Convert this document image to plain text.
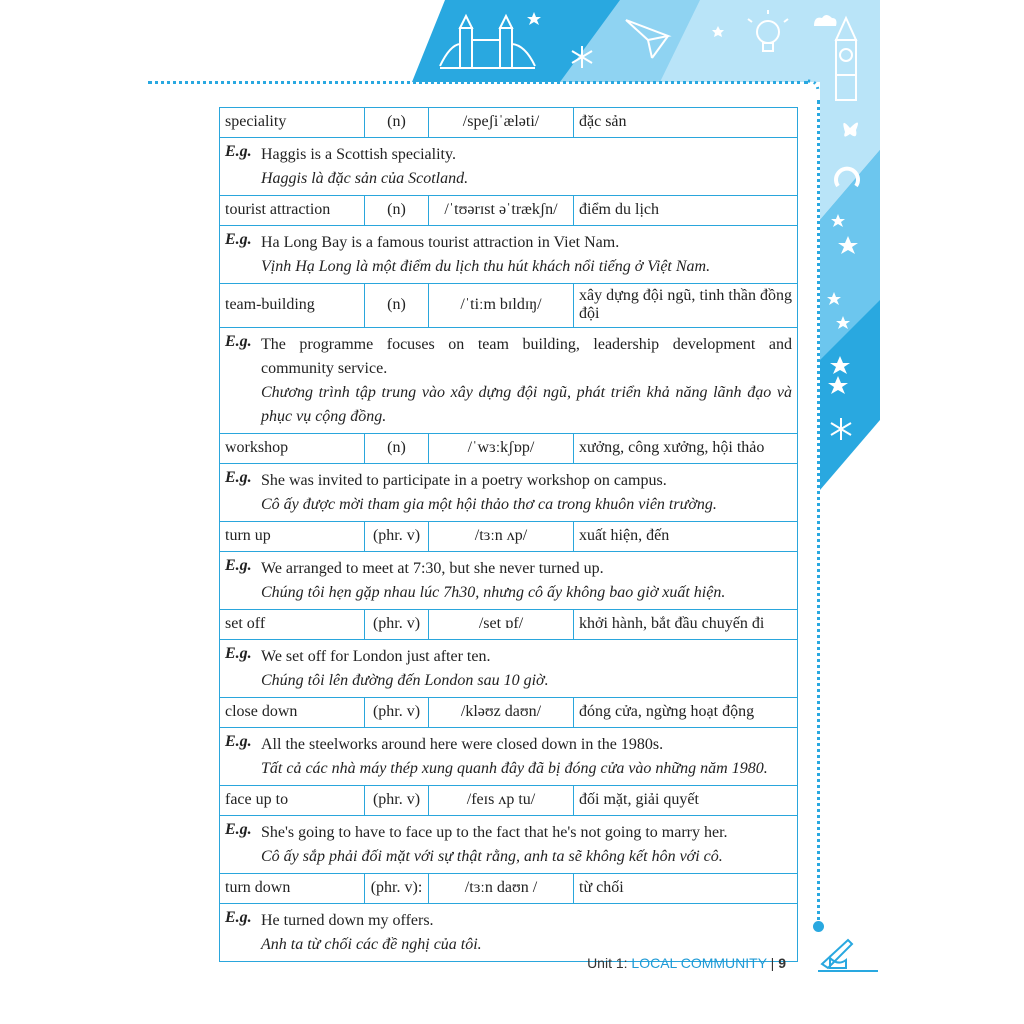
speciality	(n)	/speʃiˈæləti/	đặc sản

E.g. Haggis is a Scottish speciality.
Haggis là đặc sản của Scotland.			

tourist attraction	(n)	/ˈtʊərɪst əˈtrækʃn/	điểm du lịch

E.g. Ha Long Bay is a famous tourist attraction in Viet Nam.
Vịnh Hạ Long là một điểm du lịch thu hút khách nổi tiếng ở Việt Nam.			

team-building	(n)	/ˈtiːm bɪldɪŋ/	xây dựng đội ngũ, tinh thần đồng đội

E.g. The programme focuses on team building, leadership development and community service.
Chương trình tập trung vào xây dựng đội ngũ, phát triển khả năng lãnh đạo và phục vụ cộng đồng.			

workshop	(n)	/ˈwɜːkʃɒp/	xưởng, công xưởng, hội thảo

E.g. She was invited to participate in a poetry workshop on campus.
Cô ấy được mời tham gia một hội thảo thơ ca trong khuôn viên trường.			

turn up	(phr. v)	/tɜːn ʌp/	xuất hiện, đến

E.g. We arranged to meet at 7:30, but she never turned up.
Chúng tôi hẹn gặp nhau lúc 7h30, nhưng cô ấy không bao giờ xuất hiện.			

set off	(phr. v)	/set ɒf/	khởi hành, bắt đầu chuyến đi

E.g. We set off for London just after ten.
Chúng tôi lên đường đến London sau 10 giờ.			

close down	(phr. v)	/kləʊz daʊn/	đóng cửa, ngừng hoạt động

E.g. All the steelworks around here were closed down in the 1980s.
Tất cả các nhà máy thép xung quanh đây đã bị đóng cửa vào những năm 1980.			

face up to	(phr. v)	/feɪs ʌp tu/	đối mặt, giải quyết

E.g. She's going to have to face up to the fact that he's not going to marry her.
Cô ấy sắp phải đối mặt với sự thật rằng, anh ta sẽ không kết hôn với cô.			

turn down	(phr. v):	/tɜːn daʊn /	từ chối

E.g. He turned down my offers.
Anh ta từ chối các đề nghị của tôi.			
Unit 1: LOCAL COMMUNITY | 9
